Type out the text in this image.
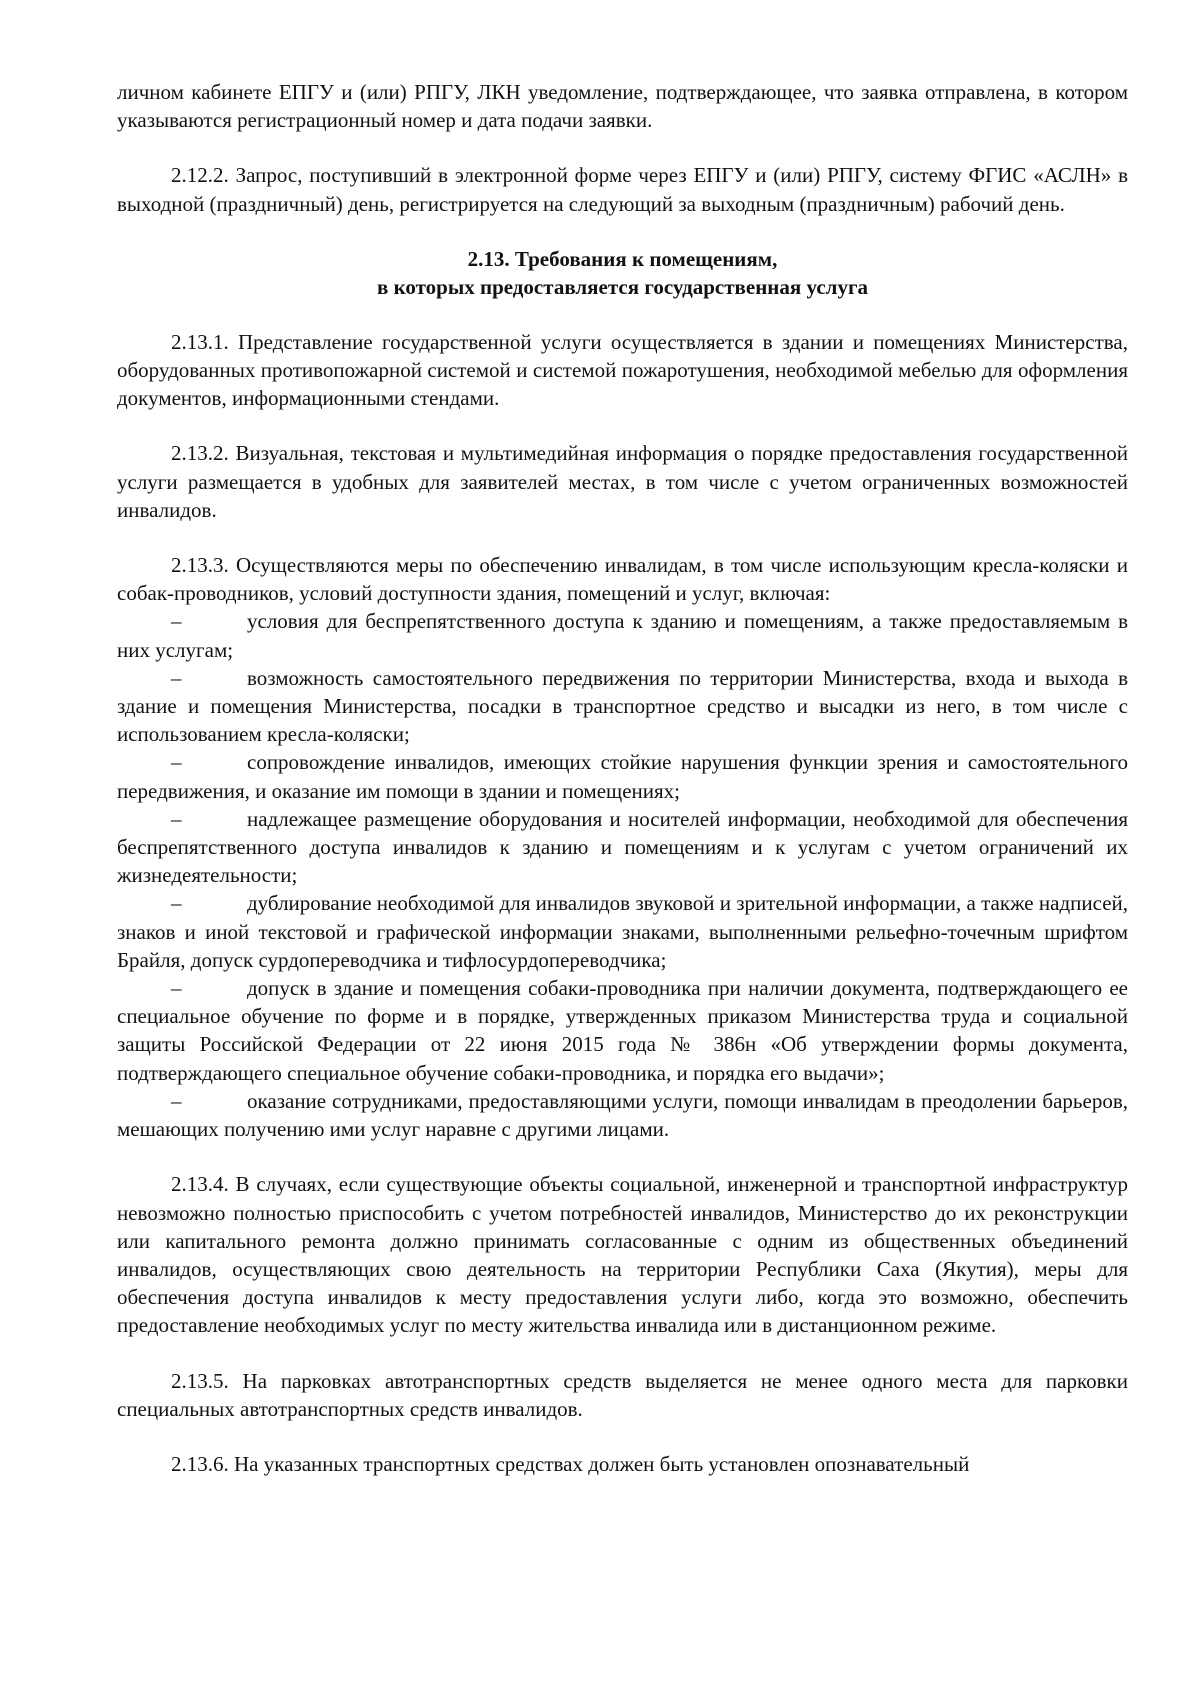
личном кабинете ЕПГУ и (или) РПГУ, ЛКН уведомление, подтверждающее, что заявка отправлена, в котором указываются регистрационный номер и дата подачи заявки.

2.12.2. Запрос, поступивший в электронной форме через ЕПГУ и (или) РПГУ, систему ФГИС «АСЛН» в выходной (праздничный) день, регистрируется на следующий за выходным (праздничным) рабочий день.

2.13. Требования к помещениям,
в которых предоставляется государственная услуга

2.13.1. Представление государственной услуги осуществляется в здании и помещениях Министерства, оборудованных противопожарной системой и системой пожаротушения, необходимой мебелью для оформления документов, информационными стендами.

2.13.2. Визуальная, текстовая и мультимедийная информация о порядке предоставления государственной услуги размещается в удобных для заявителей местах, в том числе с учетом ограниченных возможностей инвалидов.

2.13.3. Осуществляются меры по обеспечению инвалидам, в том числе использующим кресла-коляски и собак-проводников, условий доступности здания, помещений и услуг, включая:

–	условия для беспрепятственного доступа к зданию и помещениям, а также предоставляемым в них услугам;
–	возможность самостоятельного передвижения по территории Министерства, входа и выхода в здание и помещения Министерства, посадки в транспортное средство и высадки из него, в том числе с использованием кресла-коляски;
–	сопровождение инвалидов, имеющих стойкие нарушения функции зрения и самостоятельного передвижения, и оказание им помощи в здании и помещениях;
–	надлежащее размещение оборудования и носителей информации, необходимой для обеспечения беспрепятственного доступа инвалидов к зданию и помещениям и к услугам с учетом ограничений их жизнедеятельности;
–	дублирование необходимой для инвалидов звуковой и зрительной информации, а также надписей, знаков и иной текстовой и графической информации знаками, выполненными рельефно-точечным шрифтом Брайля, допуск сурдопереводчика и тифлосурдопереводчика;
–	допуск в здание и помещения собаки-проводника при наличии документа, подтверждающего ее специальное обучение по форме и в порядке, утвержденных приказом Министерства труда и социальной защиты Российской Федерации от 22 июня 2015 года № 386н «Об утверждении формы документа, подтверждающего специальное обучение собаки-проводника, и порядка его выдачи»;
–	оказание сотрудниками, предоставляющими услуги, помощи инвалидам в преодолении барьеров, мешающих получению ими услуг наравне с другими лицами.

2.13.4. В случаях, если существующие объекты социальной, инженерной и транспортной инфраструктур невозможно полностью приспособить с учетом потребностей инвалидов, Министерство до их реконструкции или капитального ремонта должно принимать согласованные с одним из общественных объединений инвалидов, осуществляющих свою деятельность на территории Республики Саха (Якутия), меры для обеспечения доступа инвалидов к месту предоставления услуги либо, когда это возможно, обеспечить предоставление необходимых услуг по месту жительства инвалида или в дистанционном режиме.

2.13.5. На парковках автотранспортных средств выделяется не менее одного места для парковки специальных автотранспортных средств инвалидов.

2.13.6. На указанных транспортных средствах должен быть установлен опознавательный
